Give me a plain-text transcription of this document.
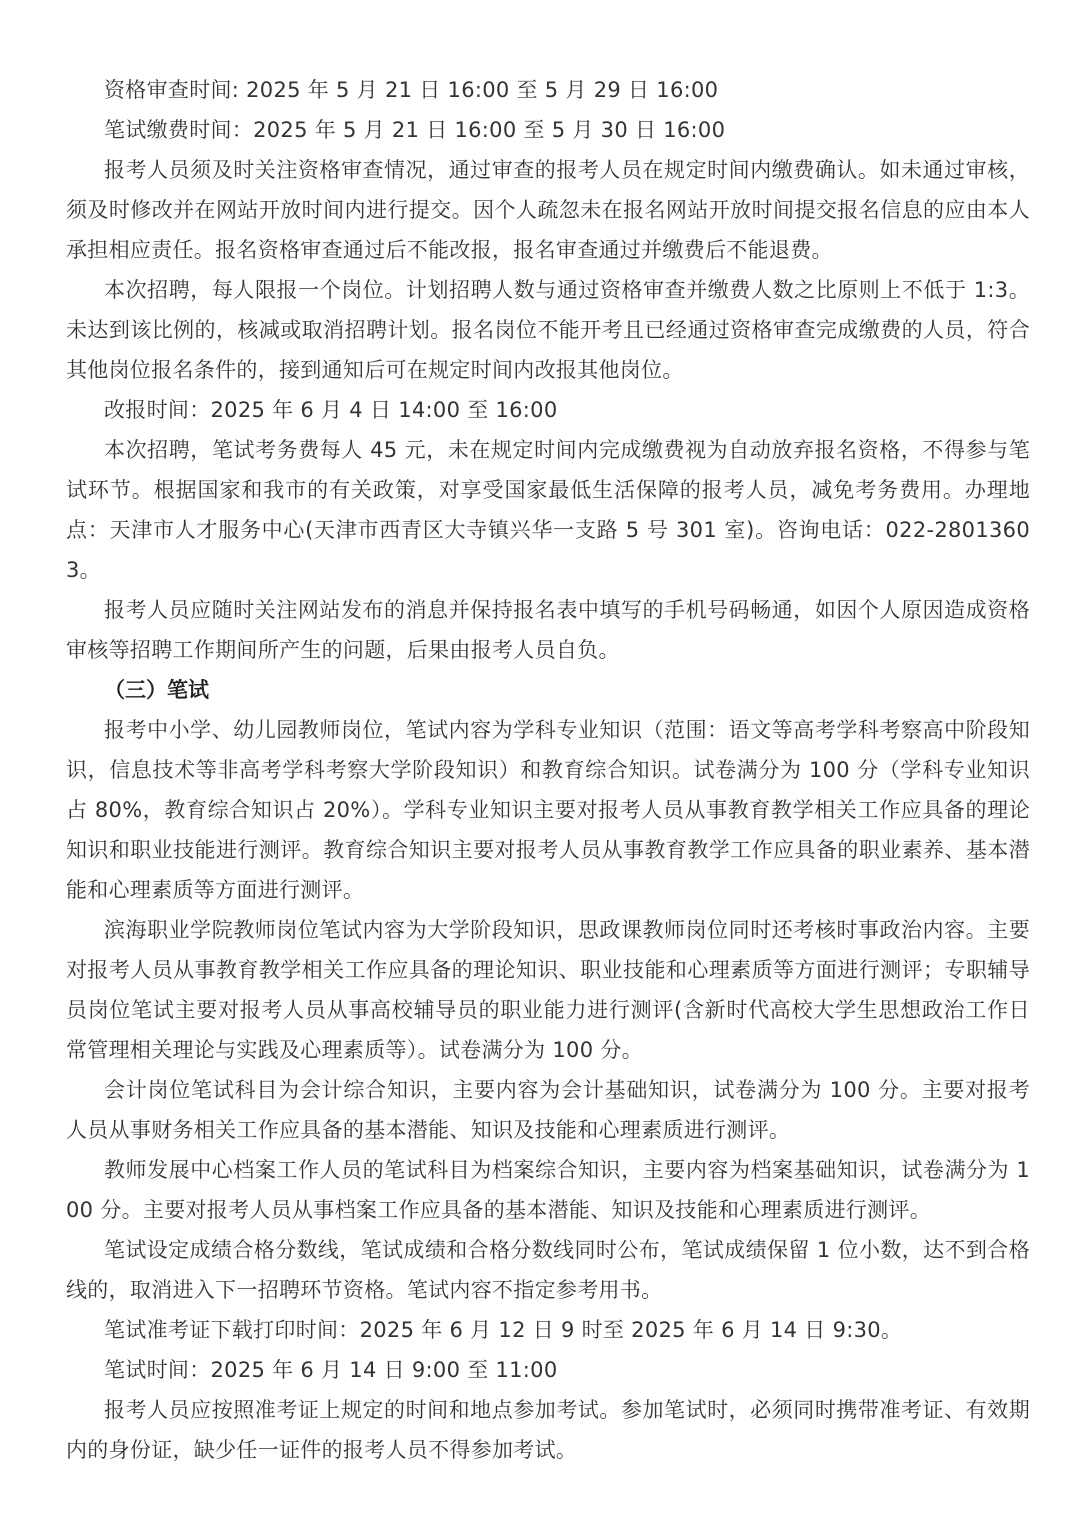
资格审查时间: 2025 年 5 月 21 日 16:00 至 5 月 29 日 16:00

笔试缴费时间：2025 年 5 月 21 日 16:00 至 5 月 30 日 16:00

报考人员须及时关注资格审查情况，通过审查的报考人员在规定时间内缴费确认。如未通过审核，须及时修改并在网站开放时间内进行提交。因个人疏忽未在报名网站开放时间提交报名信息的应由本人承担相应责任。报名资格审查通过后不能改报，报名审查通过并缴费后不能退费。

本次招聘，每人限报一个岗位。计划招聘人数与通过资格审查并缴费人数之比原则上不低于 1:3。未达到该比例的，核减或取消招聘计划。报名岗位不能开考且已经通过资格审查完成缴费的人员，符合其他岗位报名条件的，接到通知后可在规定时间内改报其他岗位。

改报时间：2025 年 6 月 4 日 14:00 至 16:00

本次招聘，笔试考务费每人 45 元，未在规定时间内完成缴费视为自动放弃报名资格，不得参与笔试环节。根据国家和我市的有关政策，对享受国家最低生活保障的报考人员，减免考务费用。办理地点：天津市人才服务中心(天津市西青区大寺镇兴华一支路 5 号 301 室)。咨询电话：022-28013603。

报考人员应随时关注网站发布的消息并保持报名表中填写的手机号码畅通，如因个人原因造成资格审核等招聘工作期间所产生的问题，后果由报考人员自负。

（三）笔试

报考中小学、幼儿园教师岗位，笔试内容为学科专业知识（范围：语文等高考学科考察高中阶段知识，信息技术等非高考学科考察大学阶段知识）和教育综合知识。试卷满分为 100 分（学科专业知识占 80%，教育综合知识占 20%）。学科专业知识主要对报考人员从事教育教学相关工作应具备的理论知识和职业技能进行测评。教育综合知识主要对报考人员从事教育教学工作应具备的职业素养、基本潜能和心理素质等方面进行测评。

滨海职业学院教师岗位笔试内容为大学阶段知识，思政课教师岗位同时还考核时事政治内容。主要对报考人员从事教育教学相关工作应具备的理论知识、职业技能和心理素质等方面进行测评；专职辅导员岗位笔试主要对报考人员从事高校辅导员的职业能力进行测评(含新时代高校大学生思想政治工作日常管理相关理论与实践及心理素质等）。试卷满分为 100 分。

会计岗位笔试科目为会计综合知识，主要内容为会计基础知识，试卷满分为 100 分。主要对报考人员从事财务相关工作应具备的基本潜能、知识及技能和心理素质进行测评。

教师发展中心档案工作人员的笔试科目为档案综合知识，主要内容为档案基础知识，试卷满分为 100 分。主要对报考人员从事档案工作应具备的基本潜能、知识及技能和心理素质进行测评。

笔试设定成绩合格分数线，笔试成绩和合格分数线同时公布，笔试成绩保留 1 位小数，达不到合格线的，取消进入下一招聘环节资格。笔试内容不指定参考用书。

笔试准考证下载打印时间：2025 年 6 月 12 日 9 时至 2025 年 6 月 14 日 9:30。

笔试时间：2025 年 6 月 14 日 9:00 至 11:00

报考人员应按照准考证上规定的时间和地点参加考试。参加笔试时，必须同时携带准考证、有效期内的身份证，缺少任一证件的报考人员不得参加考试。
